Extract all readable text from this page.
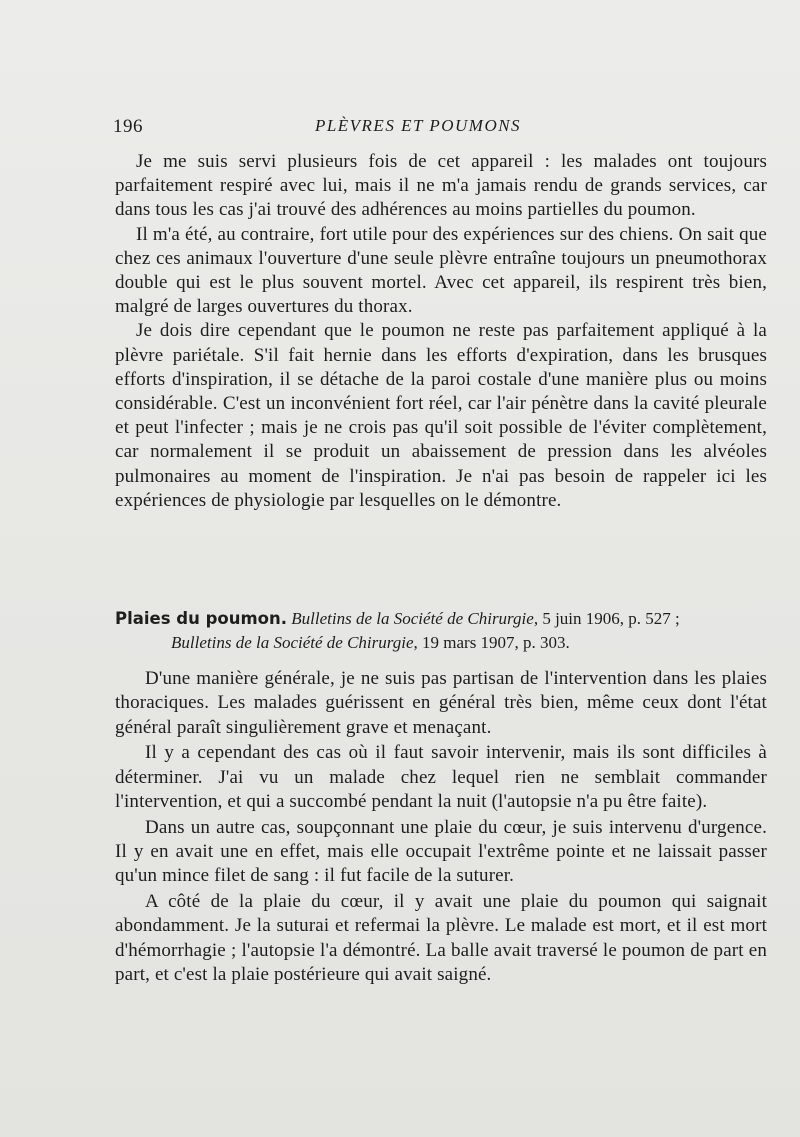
196	PLÈVRES ET POUMONS

Je me suis servi plusieurs fois de cet appareil : les malades ont toujours parfaitement respiré avec lui, mais il ne m'a jamais rendu de grands services, car dans tous les cas j'ai trouvé des adhérences au moins partielles du poumon.

Il m'a été, au contraire, fort utile pour des expériences sur des chiens. On sait que chez ces animaux l'ouverture d'une seule plèvre entraîne toujours un pneumothorax double qui est le plus souvent mortel. Avec cet appareil, ils respirent très bien, malgré de larges ouvertures du thorax.

Je dois dire cependant que le poumon ne reste pas parfaitement appliqué à la plèvre pariétale. S'il fait hernie dans les efforts d'expiration, dans les brusques efforts d'inspiration, il se détache de la paroi costale d'une manière plus ou moins considérable. C'est un inconvénient fort réel, car l'air pénètre dans la cavité pleurale et peut l'infecter ; mais je ne crois pas qu'il soit possible de l'éviter complètement, car normalement il se produit un abaissement de pression dans les alvéoles pulmonaires au moment de l'inspiration. Je n'ai pas besoin de rappeler ici les expériences de physiologie par lesquelles on le démontre.

Plaies du poumon. Bulletins de la Société de Chirurgie, 5 juin 1906, p. 527 ;
Bulletins de la Société de Chirurgie, 19 mars 1907, p. 303.

D'une manière générale, je ne suis pas partisan de l'intervention dans les plaies thoraciques. Les malades guérissent en général très bien, même ceux dont l'état général paraît singulièrement grave et menaçant.

Il y a cependant des cas où il faut savoir intervenir, mais ils sont difficiles à déterminer. J'ai vu un malade chez lequel rien ne semblait commander l'intervention, et qui a succombé pendant la nuit (l'autopsie n'a pu être faite).

Dans un autre cas, soupçonnant une plaie du cœur, je suis intervenu d'urgence. Il y en avait une en effet, mais elle occupait l'extrême pointe et ne laissait passer qu'un mince filet de sang : il fut facile de la suturer.

A côté de la plaie du cœur, il y avait une plaie du poumon qui saignait abondamment. Je la suturai et refermai la plèvre. Le malade est mort, et il est mort d'hémorrhagie ; l'autopsie l'a démontré. La balle avait traversé le poumon de part en part, et c'est la plaie postérieure qui avait saigné.
